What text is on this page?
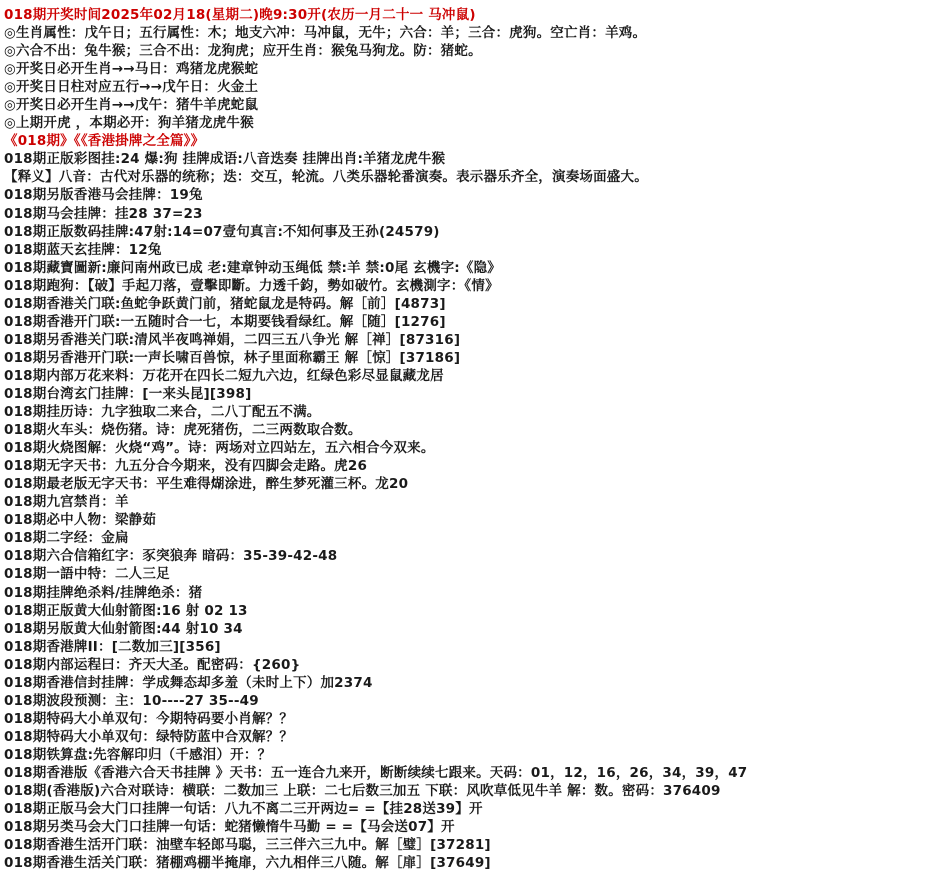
018期开奖时间2025年02月18(星期二)晚9:30开(农历一月二十一 马冲鼠)
◎生肖属性：戊午日；五行属性：木；地支六冲：马冲鼠，无牛；六合：羊；三合：虎狗。空亡肖：羊鸡。
◎六合不出：兔牛猴；三合不出：龙狗虎；应开生肖：猴兔马狗龙。防：猪蛇。
◎开奖日必开生肖→→马日：鸡猪龙虎猴蛇
◎开奖日日柱对应五行→→戊午日：火金土
◎开奖日必开生肖→→戊午：猪牛羊虎蛇鼠
◎上期开虎 ，本期必开：狗羊猪龙虎牛猴
《018期》《《香港掛牌之全篇》》
018期正版彩图挂:24 爆:狗 挂牌成语:八音迭奏 挂牌出肖:羊猪龙虎牛猴
【释义】八音：古代对乐器的统称；迭：交互，轮流。八类乐器轮番演奏。表示器乐齐全，演奏场面盛大。
018期另版香港马会挂牌：19兔
018期马会挂牌：挂28 37=23
018期正版数码挂牌:47射:14=07壹句真言:不知何事及王孙(24579)
018期蓝天玄挂牌：12兔
018期藏寶圖新:廉问南州政已成 老:建章钟动玉绳低 禁:羊 禁:0尾 玄機字:《隐》
018期跑狗：【破】手起刀落，壹擊即斷。力透千鈞，勢如破竹。玄機測字：《情》
018期香港关门联:鱼蛇争跃黄门前，猪蛇鼠龙是特码。解［前］[4873]
018期香港开门联:一五随时合一七，本期要钱看绿红。解［随］[1276]
018期另香港关门联:清风半夜鸣禅娟，二四三五八争光 解［禅］[87316]
018期另香港开门联:一声长啸百兽惊，林子里面称霸王 解［惊］[37186]
018期内部万花来料：万花开在四长二短九六边，红绿色彩尽显鼠藏龙居
018期台湾玄门挂牌：[一来头昆][398]
018期挂历诗：九字独取二来合，二八丁配五不满。
018期火车头：烧伤猪。诗：虎死猪伤，二三两数取合数。
018期火烧图解：火烧“鸡”。诗：两场对立四站左，五六相合今双来。
018期无字天书：九五分合今期来，没有四脚会走路。虎26
018期最老版无字天书：平生难得煳涂进，醉生梦死灌三杯。龙20
018期九宫禁肖：羊
018期必中人物：梁静茹
018期二字经：金扁
018期六合信箱红字：豕突狼奔 暗码：35-39-42-48
018期一語中特：二人三足
018期挂牌绝杀料/挂牌绝杀：猪
018期正版黄大仙射箭图:16 射 02 13
018期另版黄大仙射箭图:44 射10 34
018期香港牌II：[二数加三][356]
018期内部运程曰：齐天大圣。配密码：{260}
018期香港信封挂牌：学成舞态却多羞（未时上下）加2374
018期波段预测：主：10----27 35--49
018期特码大小单双句：今期特码要小肖解？？
018期特码大小单双句：绿特防蓝中合双解？？
018期铁算盘:先容解印归（千感泪）开：？
018期香港版《香港六合天书挂牌 》天书：五一连合九来开，断断续续七跟来。天码：01，12，16，26，34，39，47
018期(香港版)六合对联诗：横联：二数加三 上联：二七后数三加五 下联：风吹草低见牛羊 解：数。密码：376409
018期正版马会大门口挂牌一句话：八九不离二三开两边= =【挂28送39】开
018期另类马会大门口挂牌一句话：蛇猪懒惰牛马勤 = =【马会送07】开
018期香港生活开门联：油壁车轻郎马聪，三三伴六三九中。解［璧］[37281]
018期香港生活关门联：猪棚鸡棚半掩扉，六九相伴三八随。解［扉］[37649]
